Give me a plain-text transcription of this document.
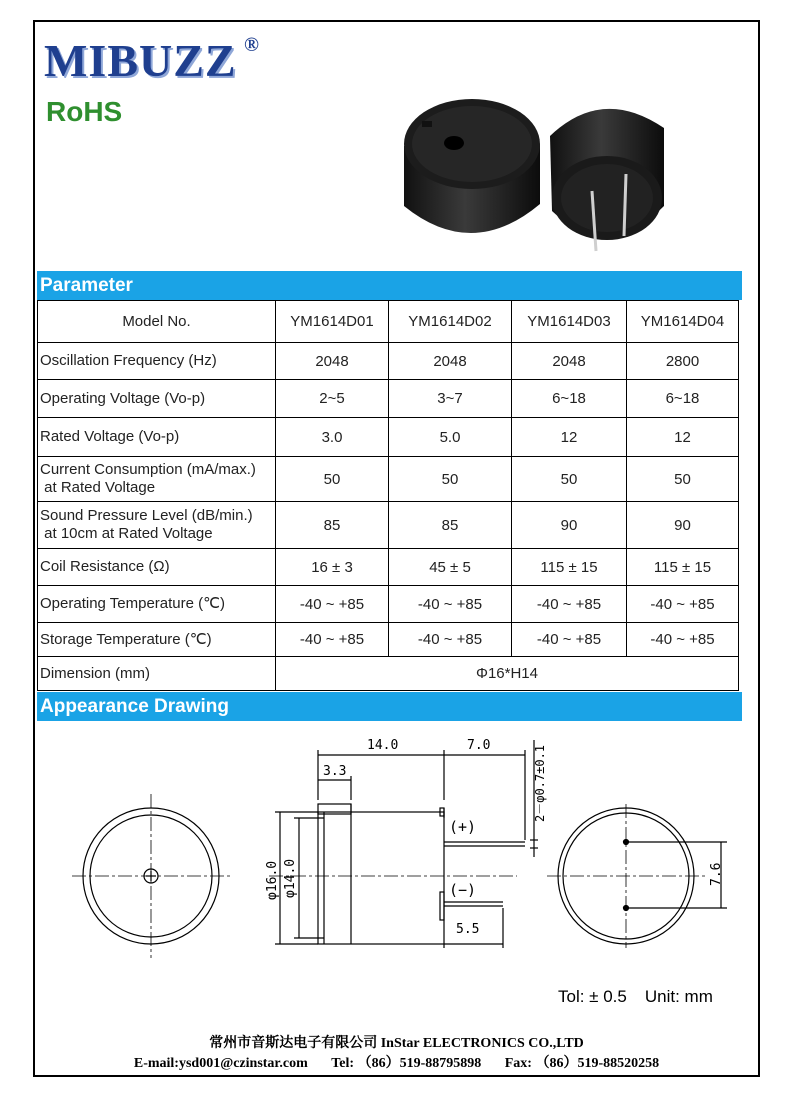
MIBUZZ ®
RoHS
Parameter
Model No.	YM1614D01	YM1614D02	YM1614D03	YM1614D04
Oscillation Frequency (Hz)	2048	2048	2048	2800
Operating Voltage (Vo-p)	2~5	3~7	6~18	6~18
Rated Voltage (Vo-p)	3.0	5.0	12	12

Current Consumption (mA/max.)
at Rated Voltage	50	50	50	50

Sound Pressure Level (dB/min.)
at 10cm at Rated Voltage	85	85	90	90
Coil Resistance (Ω)	16 ± 3	45 ± 5	115 ± 15	115 ± 15
Operating Temperature (℃)	-40 ~ +85	-40 ~ +85	-40 ~ +85	-40 ~ +85
Storage Temperature (℃)	-40 ~ +85	-40 ~ +85	-40 ~ +85	-40 ~ +85
Dimension (mm)	Φ16*H14			
Appearance Drawing
14.0	7.0
3.3
5.5
(+)
(−)
φ16.0 φ14.0
2－φ0.7±0.1
7.6
Tol: ± 0.5 Unit: mm
常州市音斯达电子有限公司 InStar ELECTRONICS CO.,LTD
E-mail:ysd001@czinstar.com Tel: （86）519-88795898 Fax: （86）519-88520258
